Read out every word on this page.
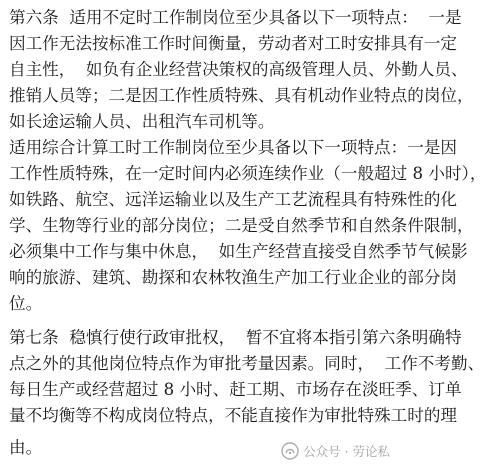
第六条  适用不定时工作制岗位至少具备以下一项特点：  一是
因工作无法按标准工作时间衡量，劳动者对工时安排具有一定
自主性，  如负有企业经营决策权的高级管理人员、外勤人员、
推销人员等；二是因工作性质特殊、具有机动作业特点的岗位，
如长途运输人员、出租汽车司机等。
适用综合计算工时工作制岗位至少具备以下一项特点：一是因
工作性质特殊，在一定时间内必须连续作业（一般超过 8 小时），
如铁路、航空、远洋运输业以及生产工艺流程具有特殊性的化
学、生物等行业的部分岗位；二是受自然季节和自然条件限制，
必须集中工作与集中休息，  如生产经营直接受自然季节气候影
响的旅游、建筑、勘探和农林牧渔生产加工行业企业的部分岗
位。
第七条  稳慎行使行政审批权，  暂不宜将本指引第六条明确特
点之外的其他岗位特点作为审批考量因素。同时，  工作不考勤、
每日生产或经营超过 8 小时、赶工期、市场存在淡旺季、订单
量不均衡等不构成岗位特点，不能直接作为审批特殊工时的理
由。	公众号 · 劳论私
